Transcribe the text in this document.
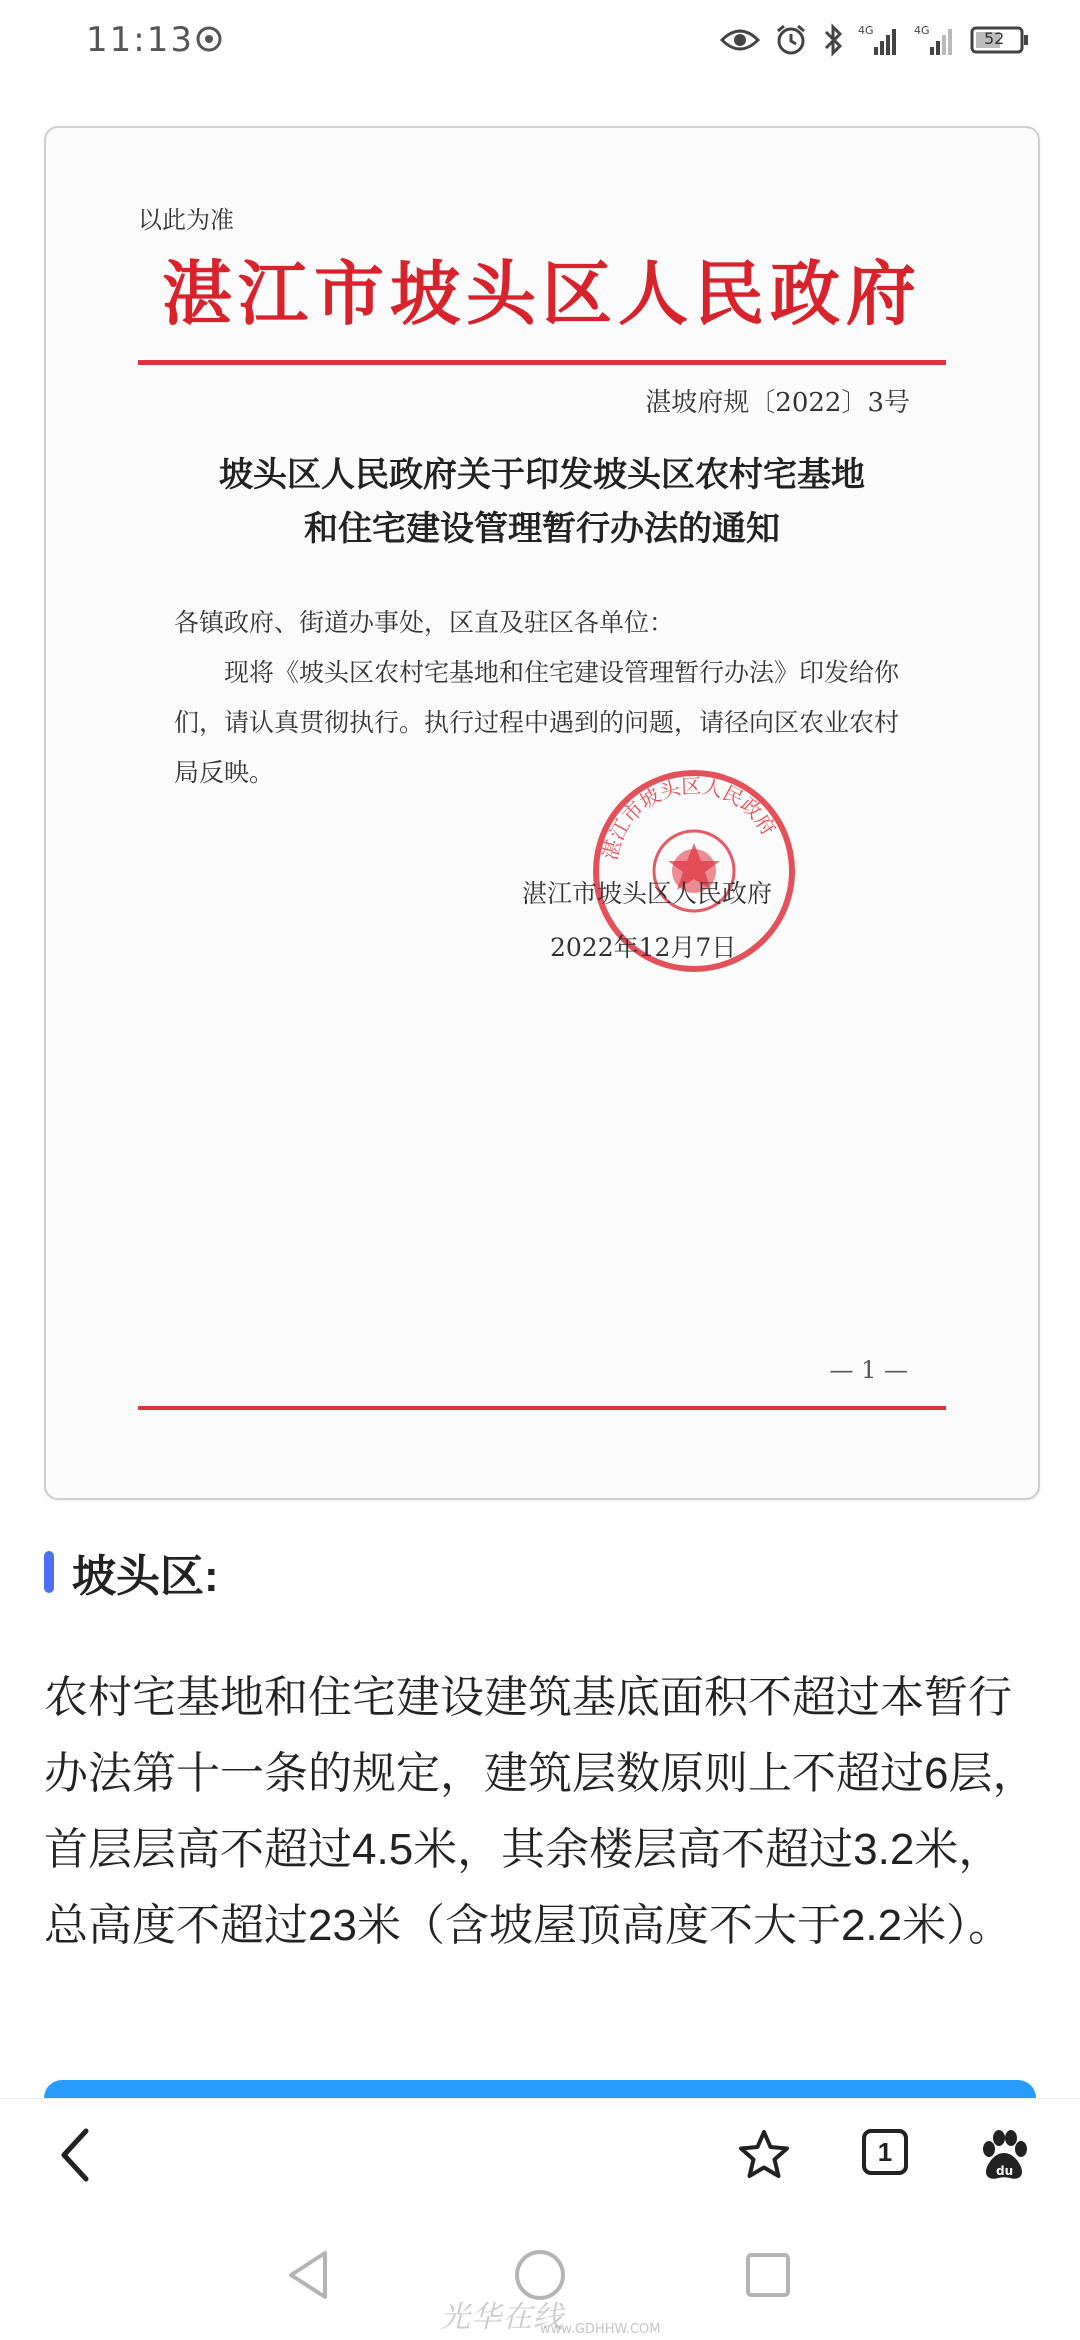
11:13	4G	4G	52
以此为准
湛江市坡头区人民政府
湛坡府规〔2022〕3号
坡头区人民政府关于印发坡头区农村宅基地
和住宅建设管理暂行办法的通知

各镇政府、街道办事处，区直及驻区各单位：

现将《坡头区农村宅基地和住宅建设管理暂行办法》印发给你们，请认真贯彻执行。执行过程中遇到的问题，请径向区农业农村局反映。

湛江市坡头区人民政府
湛江市坡头区人民政府
2022年12月7日
— 1 —
坡头区:

农村宅基地和住宅建设建筑基底面积不超过本暂行办法第十一条的规定，建筑层数原则上不超过6层，首层层高不超过4.5米，其余楼层高不超过3.2米，总高度不超过23米（含坡屋顶高度不大于2.2米）。

1
du
光华在线
www.GDHHW.COM
